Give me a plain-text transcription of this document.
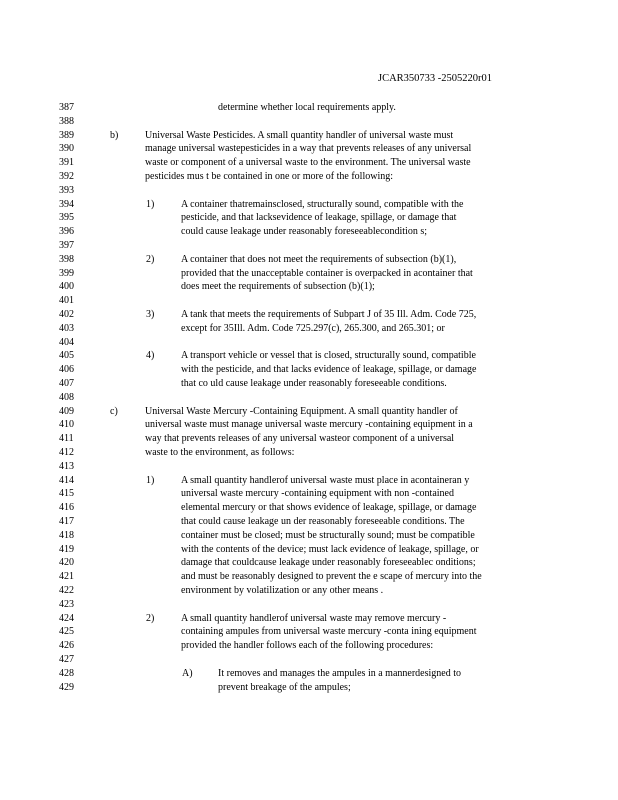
JCAR350733 -2505220r01
387	determine whether local requirements apply.
388
389	b)	Universal Waste Pesticides. A small quantity handler of universal waste must
390	manage universal wastepesticides in a way that prevents releases of any universal
391	waste or component of a universal waste to the environment. The universal waste
392	pesticides mus t be contained in one or more of the following:
393
394	1)	A container thatremainsclosed, structurally sound, compatible with the
395	pesticide, and that lacksevidence of leakage, spillage, or damage that
396	could cause leakage under reasonably foreseeablecondition s;
397
398	2)	A container that does not meet the requirements of subsection (b)(1),
399	provided that the unacceptable container is overpacked in acontainer that
400	does meet the requirements of subsection (b)(1);
401
402	3)	A tank that meets the requirements of Subpart J of 35 Ill. Adm. Code 725,
403	except for 35Ill. Adm. Code 725.297(c), 265.300, and 265.301; or
404
405	4)	A transport vehicle or vessel that is closed, structurally sound, compatible
406	with the pesticide, and that lacks evidence of leakage, spillage, or damage
407	that co uld cause leakage under reasonably foreseeable conditions.
408
409	c)	Universal Waste Mercury -Containing Equipment. A small quantity handler of
410	universal waste must manage universal waste mercury -containing equipment in a
411	way that prevents releases of any universal wasteor component of a universal
412	waste to the environment, as follows:
413
414	1)	A small quantity handlerof universal waste must place in acontaineran y
415	universal waste mercury -containing equipment with non -contained
416	elemental mercury or that shows evidence of leakage, spillage, or damage
417	that could cause leakage un der reasonably foreseeable conditions. The
418	container must be closed; must be structurally sound; must be compatible
419	with the contents of the device; must lack evidence of leakage, spillage, or
420	damage that couldcause leakage under reasonably foreseeablec onditions;
421	and must be reasonably designed to prevent the e scape of mercury into the
422	environment by volatilization or any other means .
423
424	2)	A small quantity handlerof universal waste may remove mercury -
425	containing ampules from universal waste mercury -conta ining equipment
426	provided the handler follows each of the following procedures:
427
428	A)	It removes and manages the ampules in a mannerdesigned to
429	prevent breakage of the ampules;
